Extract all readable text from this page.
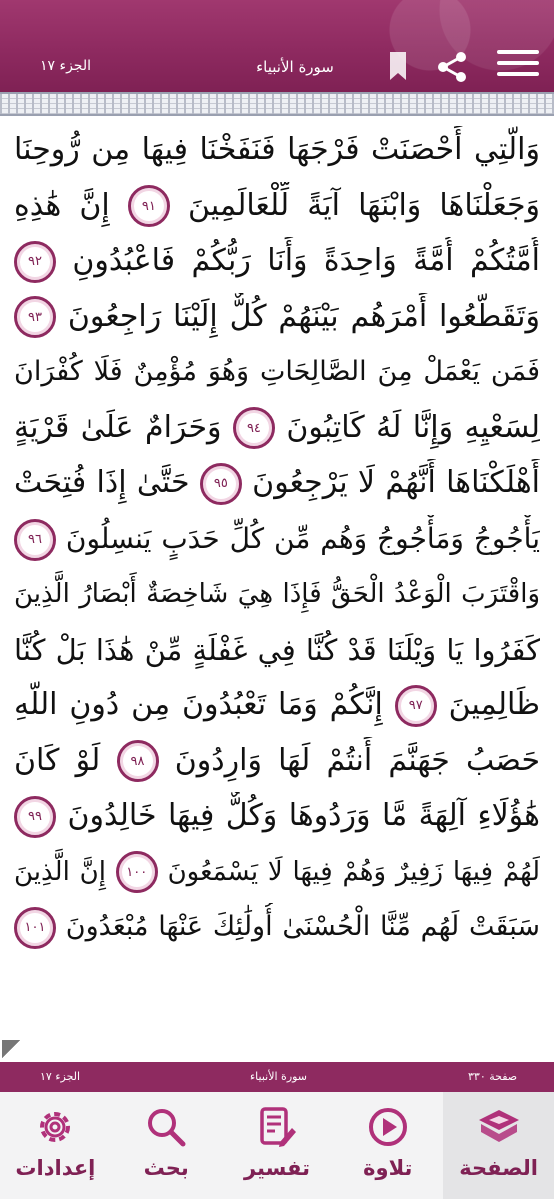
الجزء ١٧	سورة الأنبياء
وَالَّتِي أَحْصَنَتْ فَرْجَهَا فَنَفَخْنَا فِيهَا مِن رُّوحِنَا
وَجَعَلْنَاهَا وَابْنَهَا آيَةً لِّلْعَالَمِينَ ٩١ إِنَّ هَٰذِهِ
أُمَّتُكُمْ أُمَّةً وَاحِدَةً وَأَنَا رَبُّكُمْ فَاعْبُدُونِ ٩٢
وَتَقَطَّعُوا أَمْرَهُم بَيْنَهُمْ كُلٌّ إِلَيْنَا رَاجِعُونَ ٩٣
فَمَن يَعْمَلْ مِنَ الصَّالِحَاتِ وَهُوَ مُؤْمِنٌ فَلَا كُفْرَانَ
لِسَعْيِهِ وَإِنَّا لَهُ كَاتِبُونَ ٩٤ وَحَرَامٌ عَلَىٰ قَرْيَةٍ
أَهْلَكْنَاهَا أَنَّهُمْ لَا يَرْجِعُونَ ٩٥ حَتَّىٰ إِذَا فُتِحَتْ
يَأْجُوجُ وَمَأْجُوجُ وَهُم مِّن كُلِّ حَدَبٍ يَنسِلُونَ ٩٦
وَاقْتَرَبَ الْوَعْدُ الْحَقُّ فَإِذَا هِيَ شَاخِصَةٌ أَبْصَارُ الَّذِينَ
كَفَرُوا يَا وَيْلَنَا قَدْ كُنَّا فِي غَفْلَةٍ مِّنْ هَٰذَا بَلْ كُنَّا
ظَالِمِينَ ٩٧ إِنَّكُمْ وَمَا تَعْبُدُونَ مِن دُونِ اللَّهِ
حَصَبُ جَهَنَّمَ أَنتُمْ لَهَا وَارِدُونَ ٩٨ لَوْ كَانَ
هَٰؤُلَاءِ آلِهَةً مَّا وَرَدُوهَا وَكُلٌّ فِيهَا خَالِدُونَ ٩٩
لَهُمْ فِيهَا زَفِيرٌ وَهُمْ فِيهَا لَا يَسْمَعُونَ ١٠٠ إِنَّ الَّذِينَ
سَبَقَتْ لَهُم مِّنَّا الْحُسْنَىٰ أُولَٰئِكَ عَنْهَا مُبْعَدُونَ ١٠١
الجزء ١٧	سورة الأنبياء	صفحة ٣٣٠
إعدادات بحث	تفسير	تلاوة الصفحة
